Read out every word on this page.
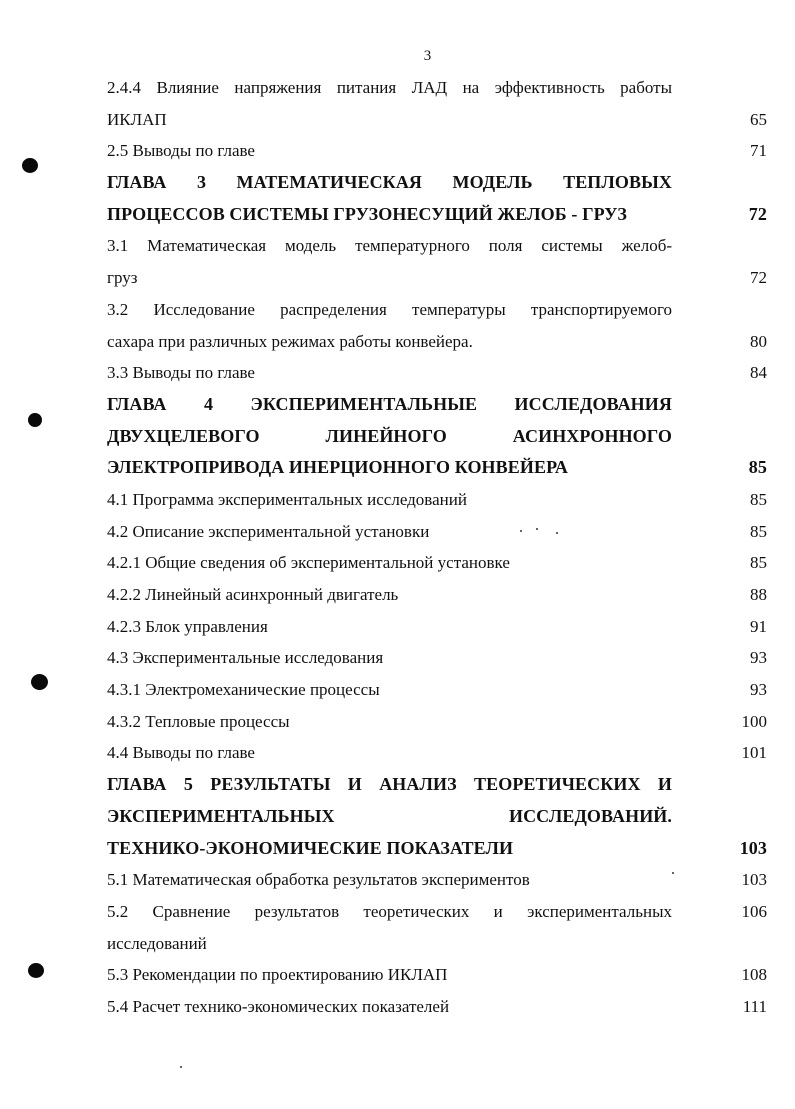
3
2.4.4 Влияние напряжения питания ЛАД на эффективность работы
ИКЛАП	65
2.5 Выводы по главе	71
ГЛАВА 3 МАТЕМАТИЧЕСКАЯ МОДЕЛЬ ТЕПЛОВЫХ
ПРОЦЕССОВ СИСТЕМЫ ГРУЗОНЕСУЩИЙ ЖЕЛОБ - ГРУЗ	72
3.1 Математическая модель температурного поля системы желоб-
груз	72
3.2 Исследование распределения температуры транспортируемого
сахара при различных режимах работы конвейера.	80
3.3 Выводы по главе	84
ГЛАВА 4 ЭКСПЕРИМЕНТАЛЬНЫЕ ИССЛЕДОВАНИЯ
ДВУХЦЕЛЕВОГО ЛИНЕЙНОГО АСИНХРОННОГО
ЭЛЕКТРОПРИВОДА ИНЕРЦИОННОГО КОНВЕЙЕРА	85
4.1 Программа экспериментальных исследований	85
4.2 Описание экспериментальной установки	85
4.2.1 Общие сведения об экспериментальной установке	85
4.2.2 Линейный асинхронный двигатель	88
4.2.3 Блок управления	91
4.3 Экспериментальные исследования	93
4.3.1 Электромеханические процессы	93
4.3.2 Тепловые процессы	100
4.4 Выводы по главе	101
ГЛАВА 5 РЕЗУЛЬТАТЫ И АНАЛИЗ ТЕОРЕТИЧЕСКИХ И
ЭКСПЕРИМЕНТАЛЬНЫХ ИССЛЕДОВАНИЙ.
ТЕХНИКО-ЭКОНОМИЧЕСКИЕ ПОКАЗАТЕЛИ	103
5.1 Математическая обработка результатов экспериментов	103
5.2 Сравнение результатов теоретических и экспериментальных	106
исследований
5.3 Рекомендации по проектированию ИКЛАП	108
5.4 Расчет технико-экономических показателей	111
